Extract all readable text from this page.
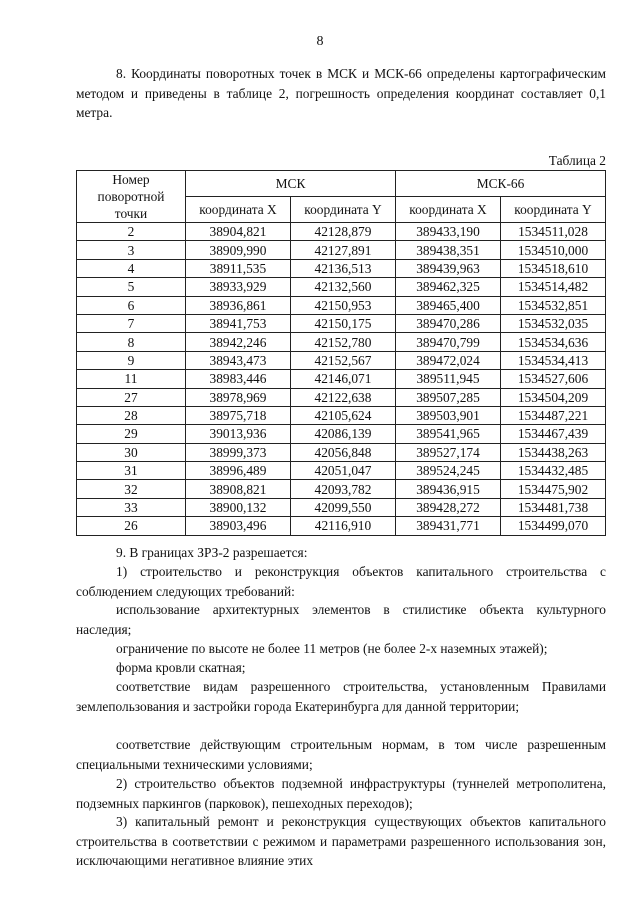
8

8. Координаты поворотных точек в МСК и МСК-66 определены картографическим методом и приведены в таблице 2, погрешность определения координат составляет 0,1 метра.

Таблица 2
Номер поворотной точки	МСК		МСК-66	
	координата X	координата Y	координата X	координата Y
2	38904,821	42128,879	389433,190	1534511,028
3	38909,990	42127,891	389438,351	1534510,000
4	38911,535	42136,513	389439,963	1534518,610
5	38933,929	42132,560	389462,325	1534514,482
6	38936,861	42150,953	389465,400	1534532,851
7	38941,753	42150,175	389470,286	1534532,035
8	38942,246	42152,780	389470,799	1534534,636
9	38943,473	42152,567	389472,024	1534534,413
11	38983,446	42146,071	389511,945	1534527,606
27	38978,969	42122,638	389507,285	1534504,209
28	38975,718	42105,624	389503,901	1534487,221
29	39013,936	42086,139	389541,965	1534467,439
30	38999,373	42056,848	389527,174	1534438,263
31	38996,489	42051,047	389524,245	1534432,485
32	38908,821	42093,782	389436,915	1534475,902
33	38900,132	42099,550	389428,272	1534481,738
26	38903,496	42116,910	389431,771	1534499,070

9. В границах ЗРЗ-2 разрешается:

1) строительство и реконструкция объектов капитального строительства с соблюдением следующих требований:

использование архитектурных элементов в стилистике объекта культурного наследия;

ограничение по высоте не более 11 метров (не более 2-х наземных этажей);

форма кровли скатная;

соответствие видам разрешенного строительства, установленным Правилами землепользования и застройки города Екатеринбурга для данной территории;

соответствие действующим строительным нормам, в том числе разрешенным специальными техническими условиями;

2) строительство объектов подземной инфраструктуры (туннелей метрополитена, подземных паркингов (парковок), пешеходных переходов);

3) капитальный ремонт и реконструкция существующих объектов капитального строительства в соответствии с режимом и параметрами разрешенного использования зон, исключающими негативное влияние этих
